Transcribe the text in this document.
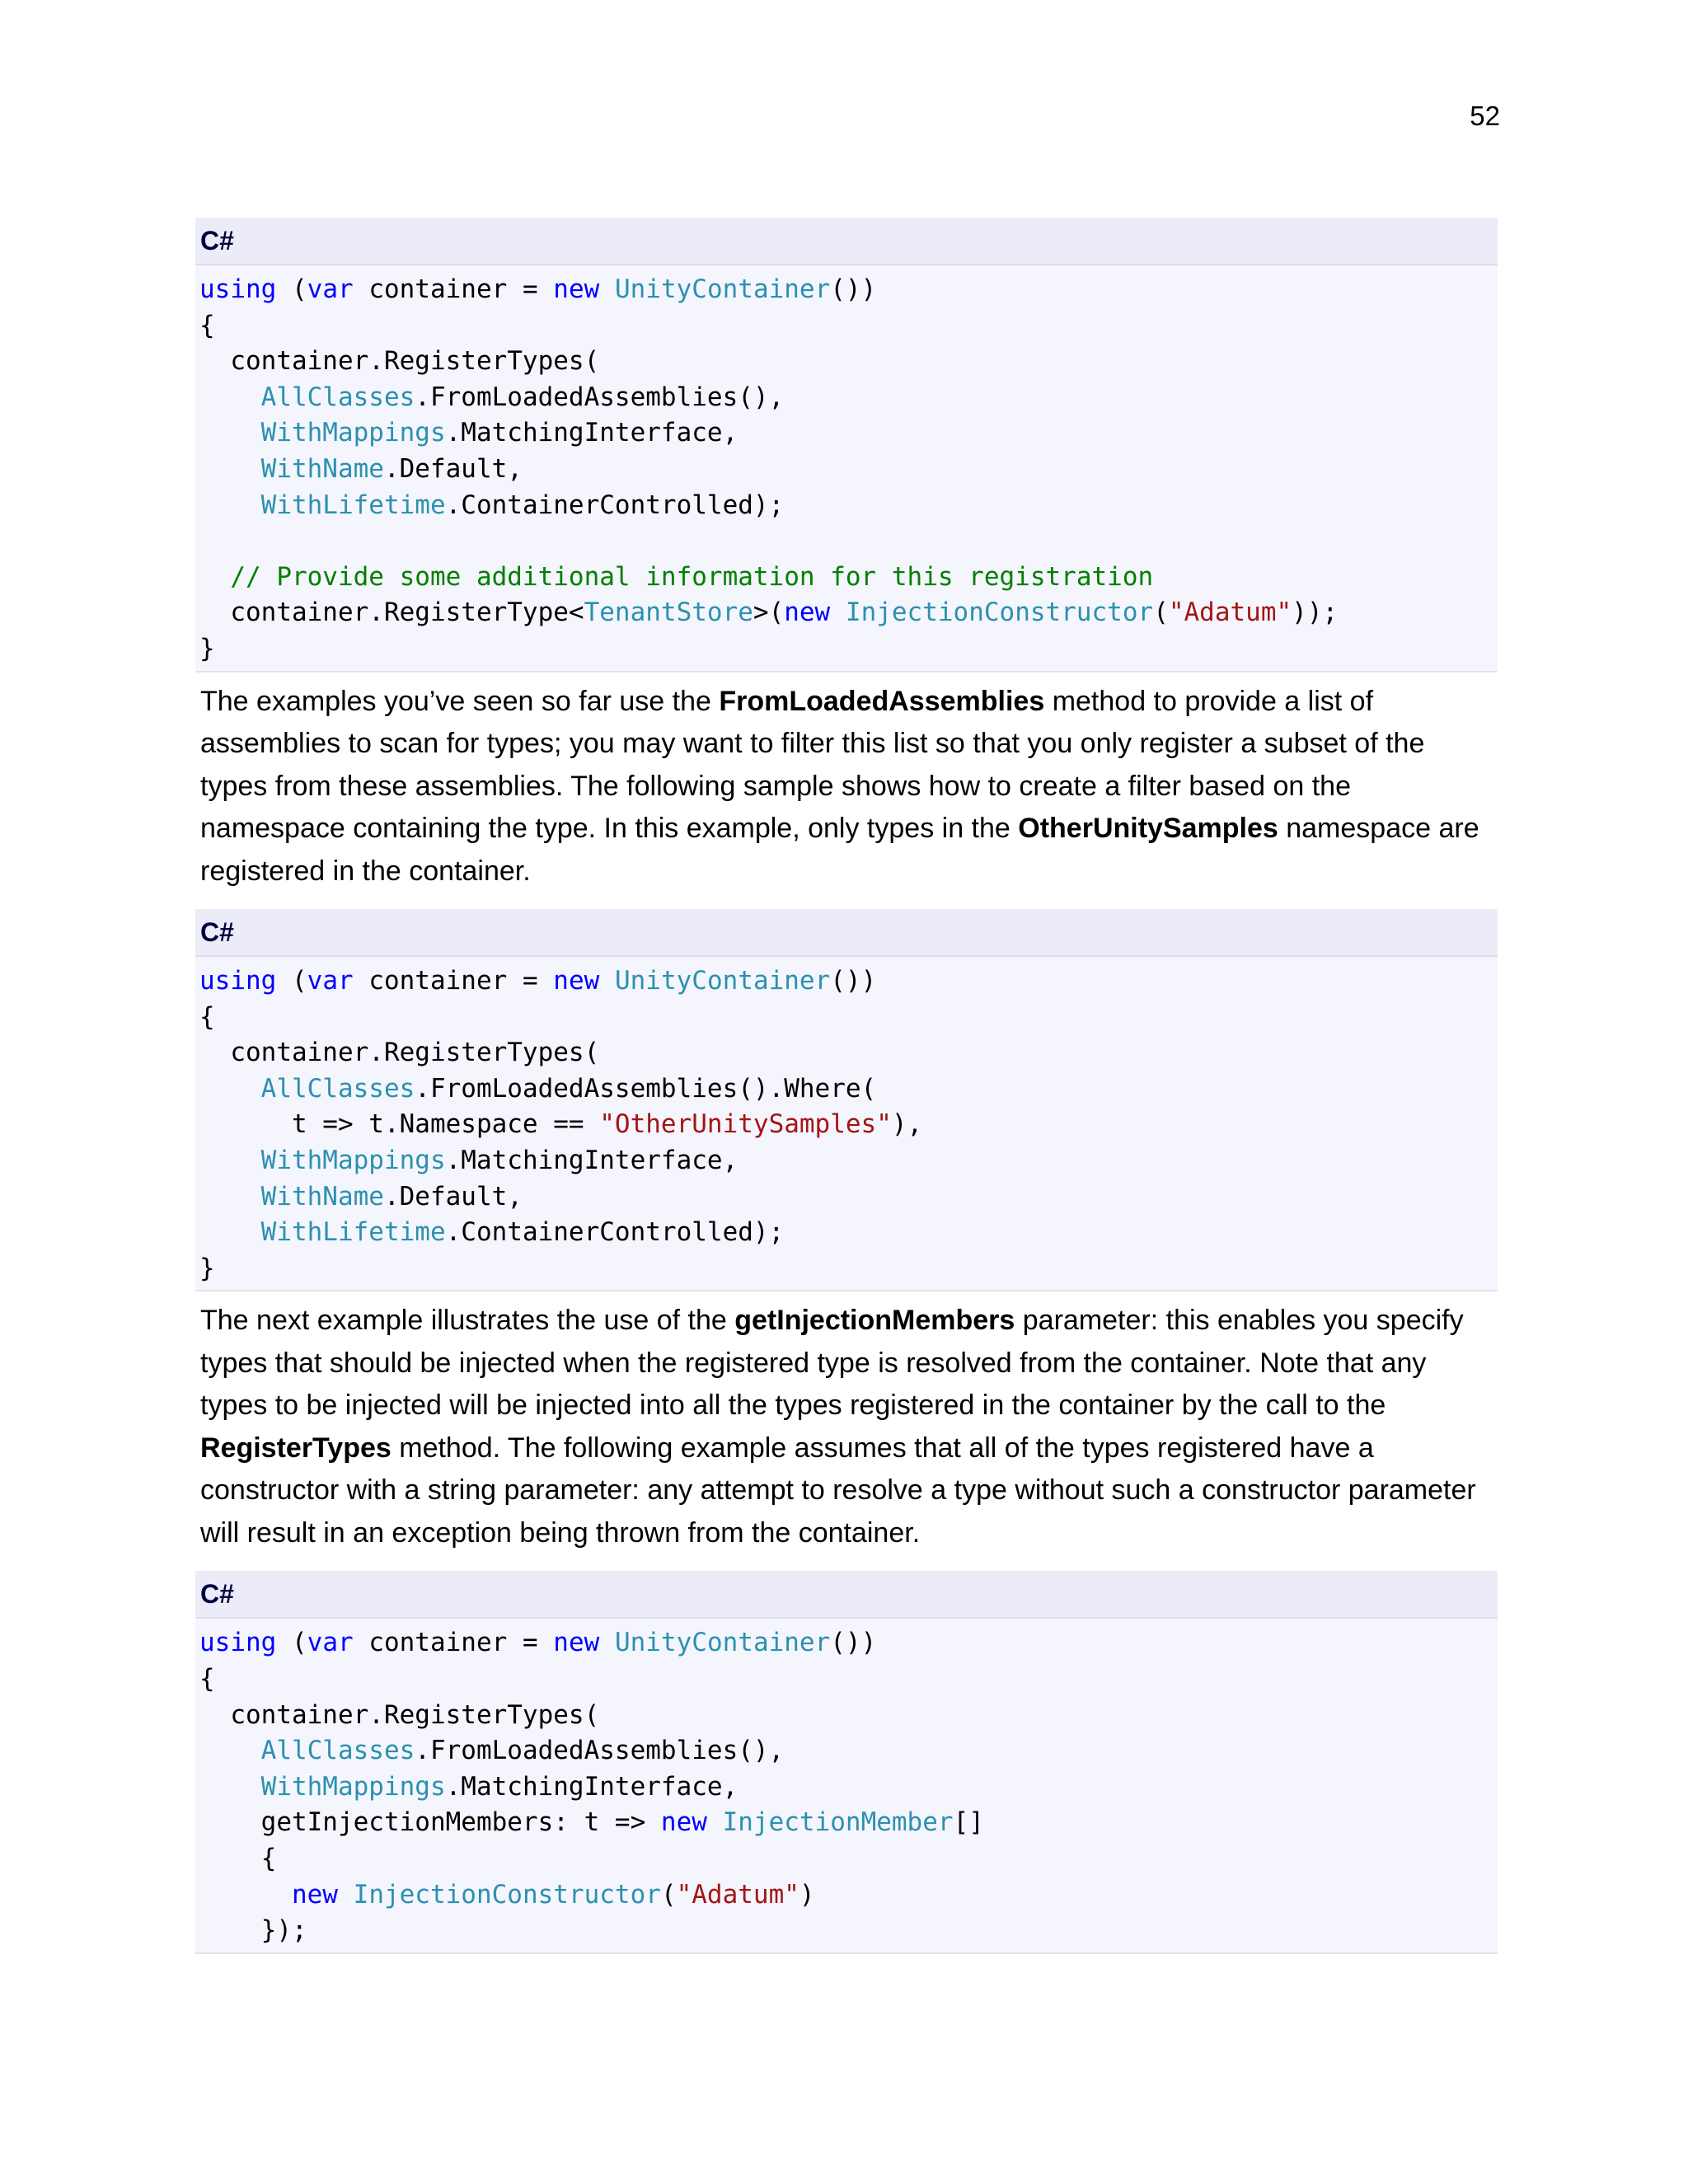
52
C#
using (var container = new UnityContainer())
{
container.RegisterTypes(
AllClasses.FromLoadedAssemblies(),
WithMappings.MatchingInterface,
WithName.Default,
WithLifetime.ContainerControlled);
// Provide some additional information for this registration
container.RegisterType<TenantStore>(new InjectionConstructor("Adatum"));
}

The examples you’ve seen so far use the FromLoadedAssemblies method to provide a list of assemblies to scan for types; you may want to filter this list so that you only register a subset of the types from these assemblies. The following sample shows how to create a filter based on the namespace containing the type. In this example, only types in the OtherUnitySamples namespace are registered in the container.

C#
using (var container = new UnityContainer())
{
container.RegisterTypes(
AllClasses.FromLoadedAssemblies().Where(
t => t.Namespace == "OtherUnitySamples"),
WithMappings.MatchingInterface,
WithName.Default,
WithLifetime.ContainerControlled);
}

The next example illustrates the use of the getInjectionMembers parameter: this enables you specify types that should be injected when the registered type is resolved from the container. Note that any types to be injected will be injected into all the types registered in the container by the call to the RegisterTypes method. The following example assumes that all of the types registered have a constructor with a string parameter: any attempt to resolve a type without such a constructor parameter will result in an exception being thrown from the container.

C#
using (var container = new UnityContainer())
{
container.RegisterTypes(
AllClasses.FromLoadedAssemblies(),
WithMappings.MatchingInterface,
getInjectionMembers: t => new InjectionMember[]
{
new InjectionConstructor("Adatum")
});
